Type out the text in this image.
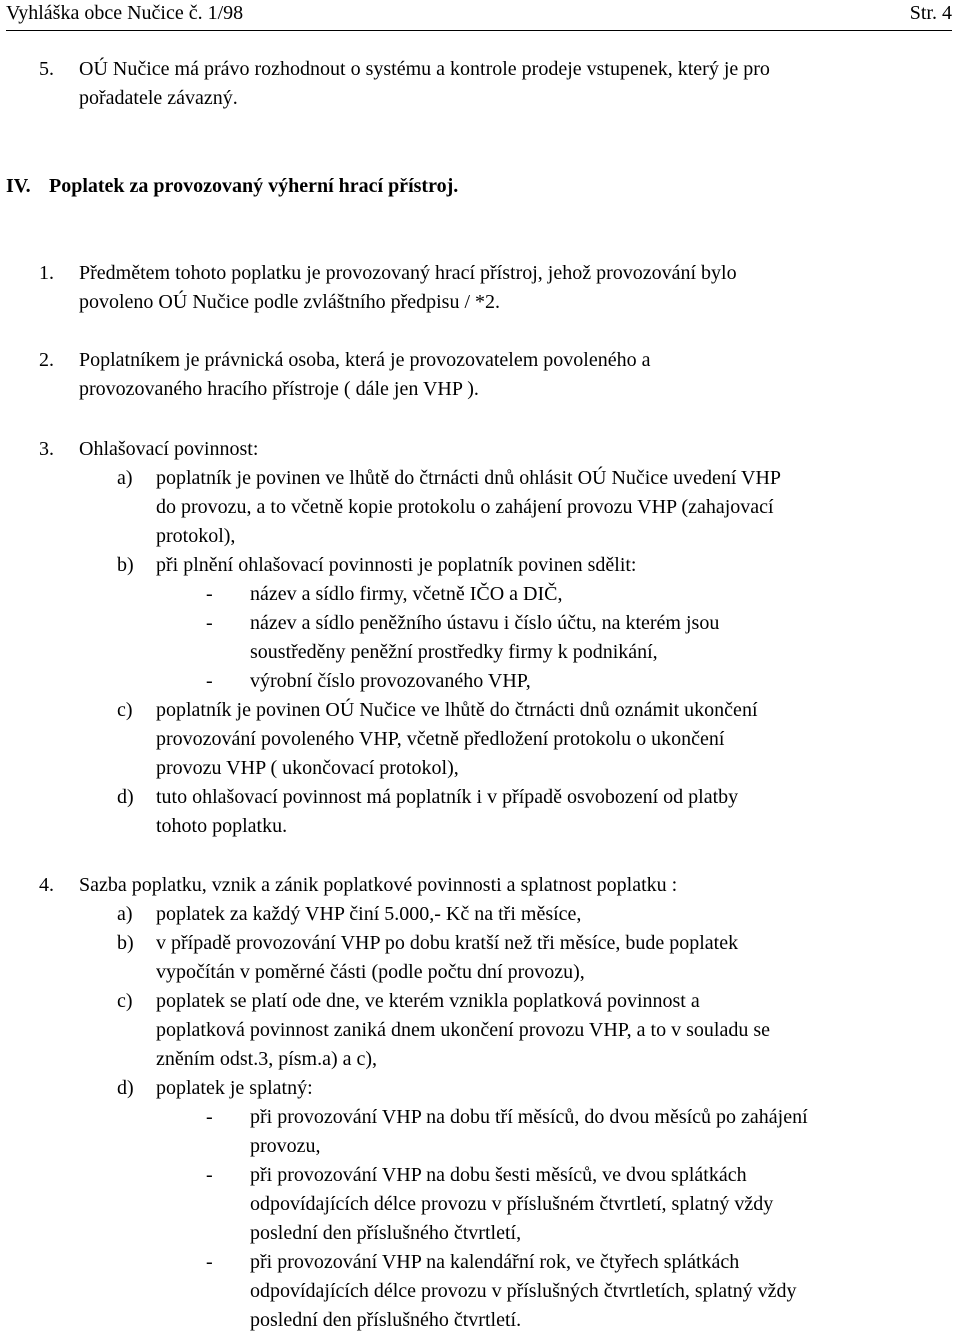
Vyhláška obce Nučice č. 1/98	Str. 4
5. OÚ Nučice má právo rozhodnout o systému a kontrole prodeje vstupenek, který je pro
pořadatele závazný.
IV. Poplatek za provozovaný výherní hrací přístroj.
1. Předmětem tohoto poplatku je provozovaný hrací přístroj, jehož provozování bylo
povoleno OÚ Nučice podle zvláštního předpisu / *2.
2. Poplatníkem je právnická osoba, která je provozovatelem povoleného a
provozovaného hracího přístroje ( dále jen VHP ).
3. Ohlašovací povinnost:
a) poplatník je povinen ve lhůtě do čtrnácti dnů ohlásit OÚ Nučice uvedení VHP
do provozu, a to včetně kopie protokolu o zahájení provozu VHP (zahajovací
protokol),
b) při plnění ohlašovací povinnosti je poplatník povinen sdělit:
- název a sídlo firmy, včetně IČO a DIČ,
- název a sídlo peněžního ústavu i číslo účtu, na kterém jsou
soustředěny peněžní prostředky firmy k podnikání,
- výrobní číslo provozovaného VHP,
c) poplatník je povinen OÚ Nučice ve lhůtě do čtrnácti dnů oznámit ukončení
provozování povoleného VHP, včetně předložení protokolu o ukončení
provozu VHP ( ukončovací protokol),
d) tuto ohlašovací povinnost má poplatník i v případě osvobození od platby
tohoto poplatku.
4. Sazba poplatku, vznik a zánik poplatkové povinnosti a splatnost poplatku :
a) poplatek za každý VHP činí 5.000,- Kč na tři měsíce,
b) v případě provozování VHP po dobu kratší než tři měsíce, bude poplatek
vypočítán v poměrné části (podle počtu dní provozu),
c) poplatek se platí ode dne, ve kterém vznikla poplatková povinnost a
poplatková povinnost zaniká dnem ukončení provozu VHP, a to v souladu se
zněním odst.3, písm.a) a c),
d) poplatek je splatný:
- při provozování VHP na dobu tří měsíců, do dvou měsíců po zahájení
provozu,
- při provozování VHP na dobu šesti měsíců, ve dvou splátkách
odpovídajících délce provozu v příslušném čtvrtletí, splatný vždy
poslední den příslušného čtvrtletí,
- při provozování VHP na kalendářní rok, ve čtyřech splátkách
odpovídajících délce provozu v příslušných čtvrtletích, splatný vždy
poslední den příslušného čtvrtletí.
